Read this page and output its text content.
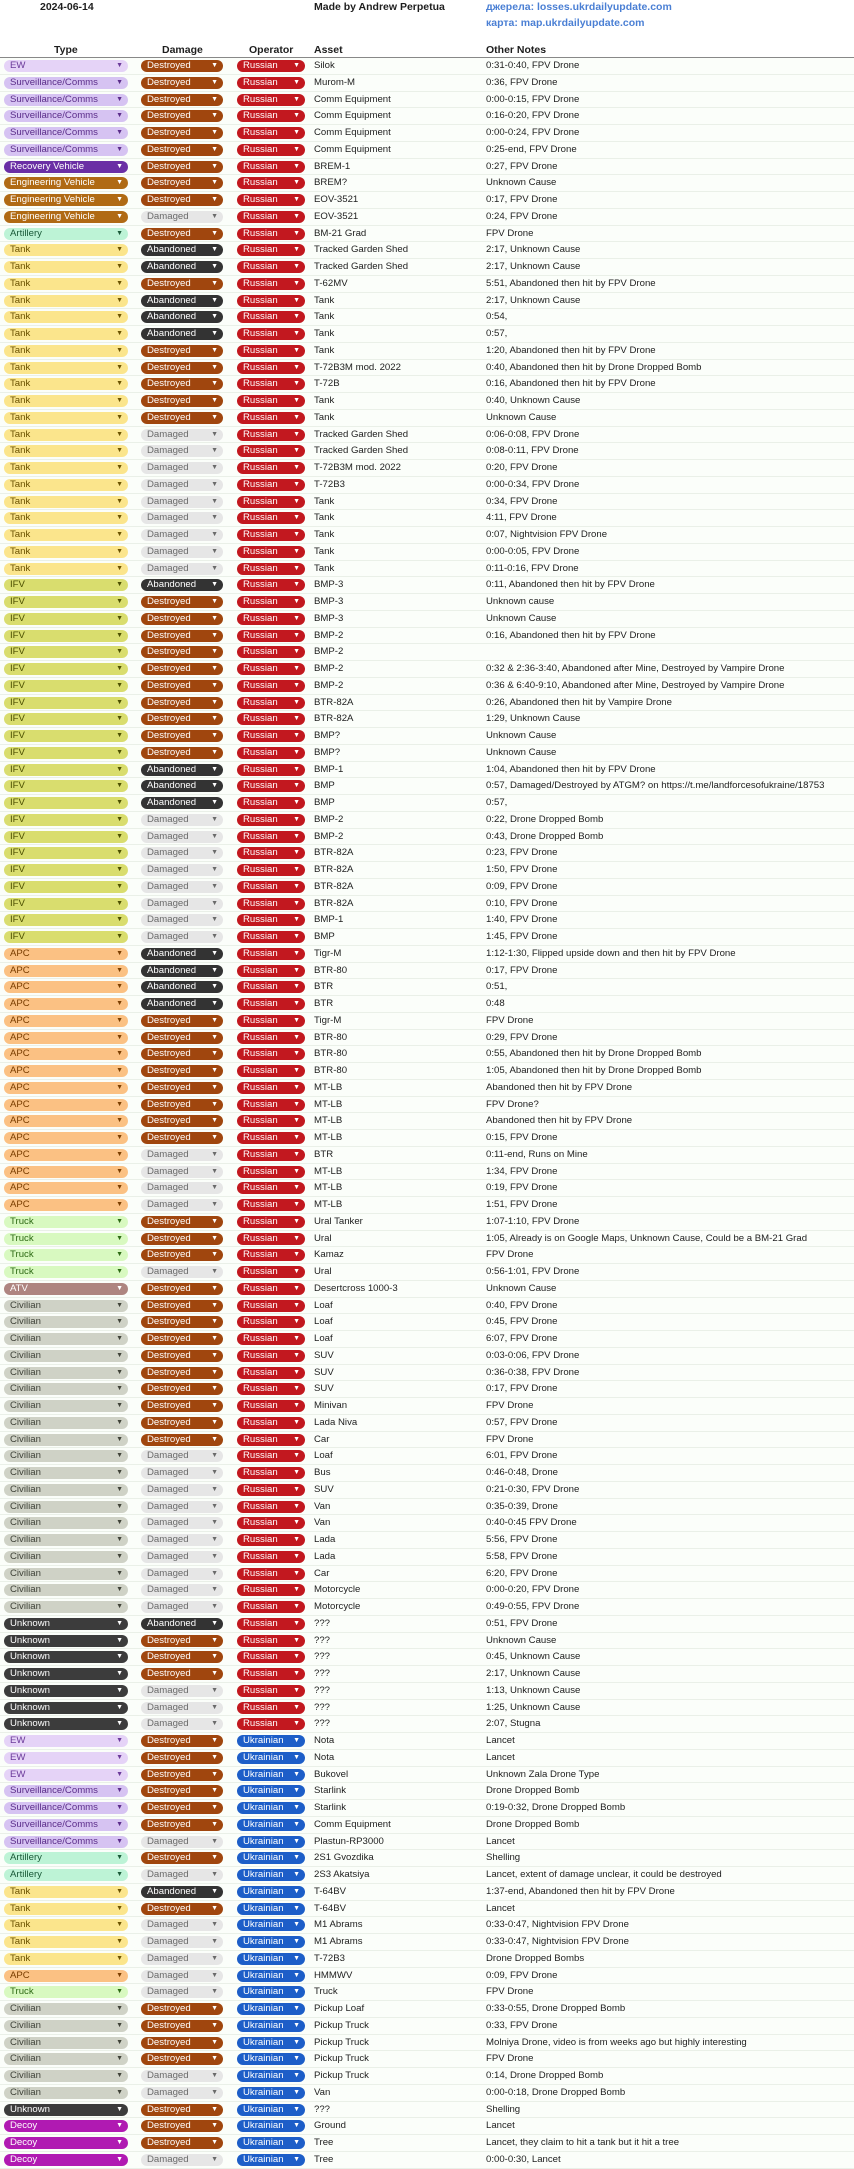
2024-06-14	Made by Andrew Perpetua	джерела: losses.ukrdailyupdate.com
карта: map.ukrdailyupdate.com
Type	Damage	Operator Asset	Other Notes
EW	▼	Destroyed	▼	Russian ▼ Silok	0:31-0:40, FPV Drone
Surveillance/Comms	▼	Destroyed	▼	Russian ▼ Murom-M	0:36, FPV Drone
Surveillance/Comms	▼	Destroyed	▼	Russian ▼ Comm Equipment	0:00-0:15, FPV Drone
Surveillance/Comms	▼	Destroyed	▼	Russian ▼ Comm Equipment	0:16-0:20, FPV Drone
Surveillance/Comms	▼	Destroyed	▼	Russian ▼ Comm Equipment	0:00-0:24, FPV Drone
Surveillance/Comms	▼	Destroyed	▼	Russian ▼ Comm Equipment	0:25-end, FPV Drone
Recovery Vehicle	▼	Destroyed	▼	Russian ▼ BREM-1	0:27, FPV Drone
Engineering Vehicle	▼	Destroyed	▼	Russian ▼ BREM?	Unknown Cause
Engineering Vehicle	▼	Destroyed	▼	Russian ▼ EOV-3521	0:17, FPV Drone
Engineering Vehicle	▼	Damaged	▼	Russian ▼ EOV-3521	0:24, FPV Drone
Artillery	▼	Destroyed	▼	Russian ▼ BM-21 Grad	FPV Drone
Tank	▼	Abandoned ▼	Russian ▼ Tracked Garden Shed	2:17, Unknown Cause
Tank	▼	Abandoned ▼	Russian ▼ Tracked Garden Shed	2:17, Unknown Cause
Tank	▼	Destroyed	▼	Russian ▼ T-62MV	5:51, Abandoned then hit by FPV Drone
Tank	▼	Abandoned ▼	Russian ▼ Tank	2:17, Unknown Cause
Tank	▼	Abandoned ▼	Russian ▼ Tank	0:54,
Tank	▼	Abandoned ▼	Russian ▼ Tank	0:57,
Tank	▼	Destroyed	▼	Russian ▼ Tank	1:20, Abandoned then hit by FPV Drone
Tank	▼	Destroyed	▼	Russian ▼ T-72B3M mod. 2022	0:40, Abandoned then hit by Drone Dropped Bomb
Tank	▼	Destroyed	▼	Russian ▼ T-72B	0:16, Abandoned then hit by FPV Drone
Tank	▼	Destroyed	▼	Russian ▼ Tank	0:40, Unknown Cause
Tank	▼	Destroyed	▼	Russian ▼ Tank	Unknown Cause
Tank	▼	Damaged	▼	Russian ▼ Tracked Garden Shed	0:06-0:08, FPV Drone
Tank	▼	Damaged	▼	Russian ▼ Tracked Garden Shed	0:08-0:11, FPV Drone
Tank	▼	Damaged	▼	Russian ▼ T-72B3M mod. 2022	0:20, FPV Drone
Tank	▼	Damaged	▼	Russian ▼ T-72B3	0:00-0:34, FPV Drone
Tank	▼	Damaged	▼	Russian ▼ Tank	0:34, FPV Drone
Tank	▼	Damaged	▼	Russian ▼ Tank	4:11, FPV Drone
Tank	▼	Damaged	▼	Russian ▼ Tank	0:07, Nightvision FPV Drone
Tank	▼	Damaged	▼	Russian ▼ Tank	0:00-0:05, FPV Drone
Tank	▼	Damaged	▼	Russian ▼ Tank	0:11-0:16, FPV Drone
IFV	▼	Abandoned ▼	Russian ▼ BMP-3	0:11, Abandoned then hit by FPV Drone
IFV	▼	Destroyed	▼	Russian ▼ BMP-3	Unknown cause
IFV	▼	Destroyed	▼	Russian ▼ BMP-3	Unknown Cause
IFV	▼	Destroyed	▼	Russian ▼ BMP-2	0:16, Abandoned then hit by FPV Drone
IFV	▼	Destroyed	▼	Russian ▼ BMP-2
IFV	▼	Destroyed	▼	Russian ▼ BMP-2	0:32 & 2:36-3:40, Abandoned after Mine, Destroyed by Vampire Drone
IFV	▼	Destroyed	▼	Russian ▼ BMP-2	0:36 & 6:40-9:10, Abandoned after Mine, Destroyed by Vampire Drone
IFV	▼	Destroyed	▼	Russian ▼ BTR-82A	0:26, Abandoned then hit by Vampire Drone
IFV	▼	Destroyed	▼	Russian ▼ BTR-82A	1:29, Unknown Cause
IFV	▼	Destroyed	▼	Russian ▼ BMP?	Unknown Cause
IFV	▼	Destroyed	▼	Russian ▼ BMP?	Unknown Cause
IFV	▼	Abandoned ▼	Russian ▼ BMP-1	1:04, Abandoned then hit by FPV Drone
IFV	▼	Abandoned ▼	Russian ▼ BMP	0:57, Damaged/Destroyed by ATGM? on https://t.me/landforcesofukraine/18753
IFV	▼	Abandoned ▼	Russian ▼ BMP	0:57,
IFV	▼	Damaged	▼	Russian ▼ BMP-2	0:22, Drone Dropped Bomb
IFV	▼	Damaged	▼	Russian ▼ BMP-2	0:43, Drone Dropped Bomb
IFV	▼	Damaged	▼	Russian ▼ BTR-82A	0:23, FPV Drone
IFV	▼	Damaged	▼	Russian ▼ BTR-82A	1:50, FPV Drone
IFV	▼	Damaged	▼	Russian ▼ BTR-82A	0:09, FPV Drone
IFV	▼	Damaged	▼	Russian ▼ BTR-82A	0:10, FPV Drone
IFV	▼	Damaged	▼	Russian ▼ BMP-1	1:40, FPV Drone
IFV	▼	Damaged	▼	Russian ▼ BMP	1:45, FPV Drone
APC	▼	Abandoned ▼	Russian ▼ Tigr-M	1:12-1:30, Flipped upside down and then hit by FPV Drone
APC	▼	Abandoned ▼	Russian ▼ BTR-80	0:17, FPV Drone
APC	▼	Abandoned ▼	Russian ▼ BTR	0:51,
APC	▼	Abandoned ▼	Russian ▼ BTR	0:48
APC	▼	Destroyed	▼	Russian ▼ Tigr-M	FPV Drone
APC	▼	Destroyed	▼	Russian ▼ BTR-80	0:29, FPV Drone
APC	▼	Destroyed	▼	Russian ▼ BTR-80	0:55, Abandoned then hit by Drone Dropped Bomb
APC	▼	Destroyed	▼	Russian ▼ BTR-80	1:05, Abandoned then hit by Drone Dropped Bomb
APC	▼	Destroyed	▼	Russian ▼ MT-LB	Abandoned then hit by FPV Drone
APC	▼	Destroyed	▼	Russian ▼ MT-LB	FPV Drone?
APC	▼	Destroyed	▼	Russian ▼ MT-LB	Abandoned then hit by FPV Drone
APC	▼	Destroyed	▼	Russian ▼ MT-LB	0:15, FPV Drone
APC	▼	Damaged	▼	Russian ▼ BTR	0:11-end, Runs on Mine
APC	▼	Damaged	▼	Russian ▼ MT-LB	1:34, FPV Drone
APC	▼	Damaged	▼	Russian ▼ MT-LB	0:19, FPV Drone
APC	▼	Damaged	▼	Russian ▼ MT-LB	1:51, FPV Drone
Truck	▼	Destroyed	▼	Russian ▼ Ural Tanker	1:07-1:10, FPV Drone
Truck	▼	Destroyed	▼	Russian ▼ Ural	1:05, Already is on Google Maps, Unknown Cause, Could be a BM-21 Grad
Truck	▼	Destroyed	▼	Russian ▼ Kamaz	FPV Drone
Truck	▼	Damaged	▼	Russian ▼ Ural	0:56-1:01, FPV Drone
ATV	▼	Destroyed	▼	Russian ▼ Desertcross 1000-3	Unknown Cause
Civilian	▼	Destroyed	▼	Russian ▼ Loaf	0:40, FPV Drone
Civilian	▼	Destroyed	▼	Russian ▼ Loaf	0:45, FPV Drone
Civilian	▼	Destroyed	▼	Russian ▼ Loaf	6:07, FPV Drone
Civilian	▼	Destroyed	▼	Russian ▼ SUV	0:03-0:06, FPV Drone
Civilian	▼	Destroyed	▼	Russian ▼ SUV	0:36-0:38, FPV Drone
Civilian	▼	Destroyed	▼	Russian ▼ SUV	0:17, FPV Drone
Civilian	▼	Destroyed	▼	Russian ▼ Minivan	FPV Drone
Civilian	▼	Destroyed	▼	Russian ▼ Lada Niva	0:57, FPV Drone
Civilian	▼	Destroyed	▼	Russian ▼ Car	FPV Drone
Civilian	▼	Damaged	▼	Russian ▼ Loaf	6:01, FPV Drone
Civilian	▼	Damaged	▼	Russian ▼ Bus	0:46-0:48, Drone
Civilian	▼	Damaged	▼	Russian ▼ SUV	0:21-0:30, FPV Drone
Civilian	▼	Damaged	▼	Russian ▼ Van	0:35-0:39, Drone
Civilian	▼	Damaged	▼	Russian ▼ Van	0:40-0:45 FPV Drone
Civilian	▼	Damaged	▼	Russian ▼ Lada	5:56, FPV Drone
Civilian	▼	Damaged	▼	Russian ▼ Lada	5:58, FPV Drone
Civilian	▼	Damaged	▼	Russian ▼ Car	6:20, FPV Drone
Civilian	▼	Damaged	▼	Russian ▼ Motorcycle	0:00-0:20, FPV Drone
Civilian	▼	Damaged	▼	Russian ▼ Motorcycle	0:49-0:55, FPV Drone
Unknown	▼	Abandoned ▼	Russian ▼ ???	0:51, FPV Drone
Unknown	▼	Destroyed	▼	Russian ▼ ???	Unknown Cause
Unknown	▼	Destroyed	▼	Russian ▼ ???	0:45, Unknown Cause
Unknown	▼	Destroyed	▼	Russian ▼ ???	2:17, Unknown Cause
Unknown	▼	Damaged	▼	Russian ▼ ???	1:13, Unknown Cause
Unknown	▼	Damaged	▼	Russian ▼ ???	1:25, Unknown Cause
Unknown	▼	Damaged	▼	Russian ▼ ???	2:07, Stugna
EW	▼	Destroyed	▼	Ukrainian ▼ Nota	Lancet
EW	▼	Destroyed	▼	Ukrainian ▼ Nota	Lancet
EW	▼	Destroyed	▼	Ukrainian ▼ Bukovel	Unknown Zala Drone Type
Surveillance/Comms	▼	Destroyed	▼	Ukrainian ▼ Starlink	Drone Dropped Bomb
Surveillance/Comms	▼	Destroyed	▼	Ukrainian ▼ Starlink	0:19-0:32, Drone Dropped Bomb
Surveillance/Comms	▼	Destroyed	▼	Ukrainian ▼ Comm Equipment	Drone Dropped Bomb
Surveillance/Comms	▼	Damaged	▼	Ukrainian ▼ Plastun-RP3000	Lancet
Artillery	▼	Destroyed	▼	Ukrainian ▼ 2S1 Gvozdika	Shelling
Artillery	▼	Damaged	▼	Ukrainian ▼ 2S3 Akatsiya	Lancet, extent of damage unclear, it could be destroyed
Tank	▼	Abandoned ▼	Ukrainian ▼ T-64BV	1:37-end, Abandoned then hit by FPV Drone
Tank	▼	Destroyed	▼	Ukrainian ▼ T-64BV	Lancet
Tank	▼	Damaged	▼	Ukrainian ▼ M1 Abrams	0:33-0:47, Nightvision FPV Drone
Tank	▼	Damaged	▼	Ukrainian ▼ M1 Abrams	0:33-0:47, Nightvision FPV Drone
Tank	▼	Damaged	▼	Ukrainian ▼ T-72B3	Drone Dropped Bombs
APC	▼	Damaged	▼	Ukrainian ▼ HMMWV	0:09, FPV Drone
Truck	▼	Damaged	▼	Ukrainian ▼ Truck	FPV Drone
Civilian	▼	Destroyed	▼	Ukrainian ▼ Pickup Loaf	0:33-0:55, Drone Dropped Bomb
Civilian	▼	Destroyed	▼	Ukrainian ▼ Pickup Truck	0:33, FPV Drone
Civilian	▼	Destroyed	▼	Ukrainian ▼ Pickup Truck	Molniya Drone, video is from weeks ago but highly interesting
Civilian	▼	Destroyed	▼	Ukrainian ▼ Pickup Truck	FPV Drone
Civilian	▼	Damaged	▼	Ukrainian ▼ Pickup Truck	0:14, Drone Dropped Bomb
Civilian	▼	Damaged	▼	Ukrainian ▼ Van	0:00-0:18, Drone Dropped Bomb
Unknown	▼	Destroyed	▼	Ukrainian ▼ ???	Shelling
Decoy	▼	Destroyed	▼	Ukrainian ▼ Ground	Lancet
Decoy	▼	Destroyed	▼	Ukrainian ▼ Tree	Lancet, they claim to hit a tank but it hit a tree
Decoy	▼	Damaged	▼	Ukrainian ▼ Tree	0:00-0:30, Lancet
